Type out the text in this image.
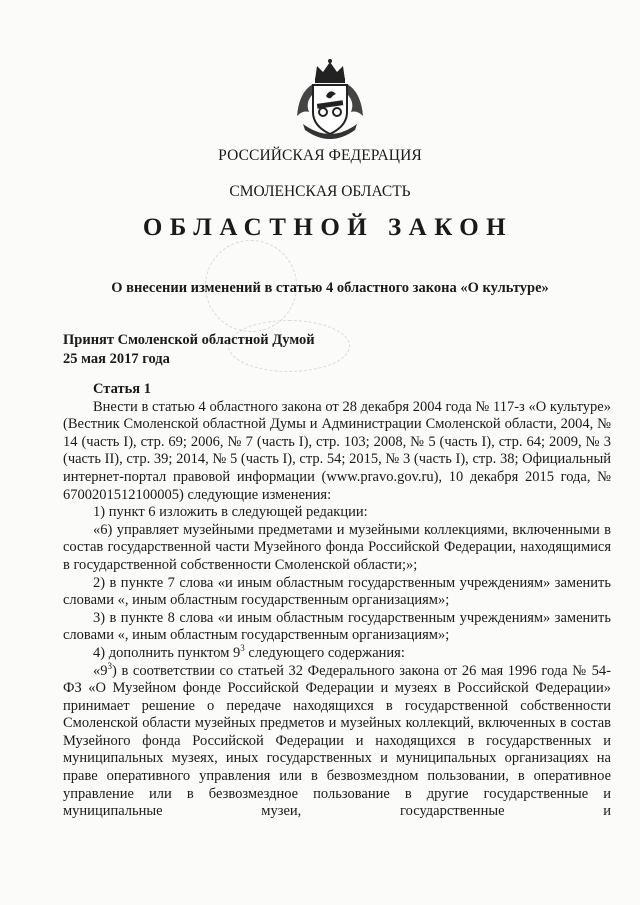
РОССИЙСКАЯ ФЕДЕРАЦИЯ
СМОЛЕНСКАЯ ОБЛАСТЬ
ОБЛАСТНОЙ ЗАКОН
О внесении изменений в статью 4 областного закона «О культуре»
Принят Смоленской областной Думой
25 мая 2017 года

Статья 1

Внести в статью 4 областного закона от 28 декабря 2004 года № 117-з «О культуре» (Вестник Смоленской областной Думы и Администрации Смоленской области, 2004, № 14 (часть I), стр. 69; 2006, № 7 (часть I), стр. 103; 2008, № 5 (часть I), стр. 64; 2009, № 3 (часть II), стр. 39; 2014, № 5 (часть I), стр. 54; 2015, № 3 (часть I), стр. 38; Официальный интернет-портал правовой информации (www.pravo.gov.ru), 10 декабря 2015 года, № 6700201512100005) следующие изменения:

1) пункт 6 изложить в следующей редакции:

«6) управляет музейными предметами и музейными коллекциями, включенными в состав государственной части Музейного фонда Российской Федерации, находящимися в государственной собственности Смоленской области;»;

2) в пункте 7 слова «и иным областным государственным учреждениям» заменить словами «, иным областным государственным организациям»;

3) в пункте 8 слова «и иным областным государственным учреждениям» заменить словами «, иным областным государственным организациям»;

4) дополнить пунктом $9^3$ следующего содержания:

«$9^3$) в соответствии со статьей 32 Федерального закона от 26 мая 1996 года № 54-ФЗ «О Музейном фонде Российской Федерации и музеях в Российской Федерации» принимает решение о передаче находящихся в государственной собственности Смоленской области музейных предметов и музейных коллекций, включенных в состав Музейного фонда Российской Федерации и находящихся в государственных и муниципальных музеях, иных государственных и муниципальных организациях на праве оперативного управления или в безвозмездном пользовании, в оперативное управление или в безвозмездное пользование в другие государственные и муниципальные музеи, государственные и
